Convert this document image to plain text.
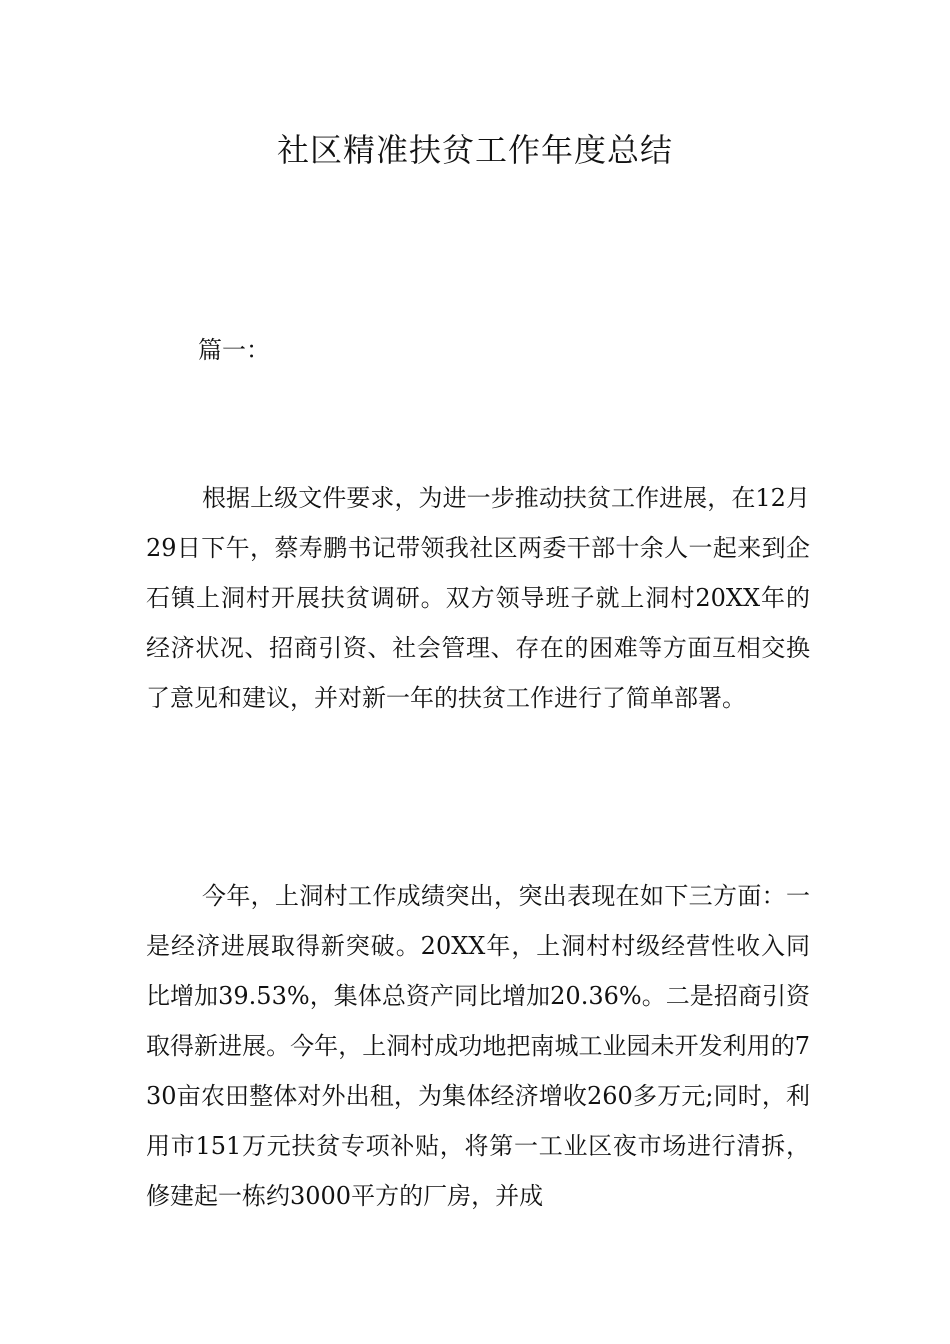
社区精准扶贫工作年度总结

篇一：

根据上级文件要求，为进一步推动扶贫工作进展，在12月29日下午，蔡寿鹏书记带领我社区两委干部十余人一起来到企石镇上洞村开展扶贫调研。双方领导班子就上洞村20XX年的经济状况、招商引资、社会管理、存在的困难等方面互相交换了意见和建议，并对新一年的扶贫工作进行了简单部署。

今年，上洞村工作成绩突出，突出表现在如下三方面：一是经济进展取得新突破。20XX年，上洞村村级经营性收入同比增加39.53%，集体总资产同比增加20.36%。二是招商引资取得新进展。今年，上洞村成功地把南城工业园未开发利用的730亩农田整体对外出租，为集体经济增收260多万元;同时，利用市151万元扶贫专项补贴，将第一工业区夜市场进行清拆，修建起一栋约3000平方的厂房，并成
